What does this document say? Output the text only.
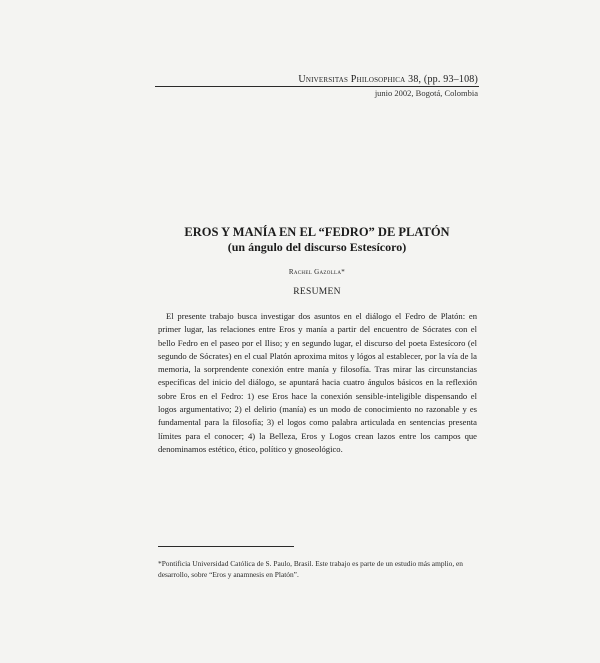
Universitas Philosophica 38, (pp. 93–108)
junio 2002, Bogotá, Colombia
EROS Y MANÍA EN EL “FEDRO” DE PLATÓN
(un ángulo del discurso Estesícoro)
Rachel Gazolla*
RESUMEN

El presente trabajo busca investigar dos asuntos en el diálogo el Fedro de Platón: en primer lugar, las relaciones entre Eros y manía a partir del encuentro de Sócrates con el bello Fedro en el paseo por el Iliso; y en segundo lugar, el discurso del poeta Estesícoro (el segundo de Sócrates) en el cual Platón aproxima mitos y lógos al establecer, por la vía de la memoria, la sorprendente conexión entre manía y filosofía. Tras mirar las circunstancias específicas del inicio del diálogo, se apuntará hacia cuatro ángulos básicos en la reflexión sobre Eros en el Fedro: 1) ese Eros hace la conexión sensible-inteligible dispensando el logos argumentativo; 2) el delirio (manía) es un modo de conocimiento no razonable y es fundamental para la filosofía; 3) el logos como palabra articulada en sentencias presenta límites para el conocer; 4) la Belleza, Eros y Logos crean lazos entre los campos que denominamos estético, ético, político y gnoseológico.

*Pontificia Universidad Católica de S. Paulo, Brasil. Este trabajo es parte de un estudio más amplio, en desarrollo, sobre “Eros y anamnesis en Platón”.
